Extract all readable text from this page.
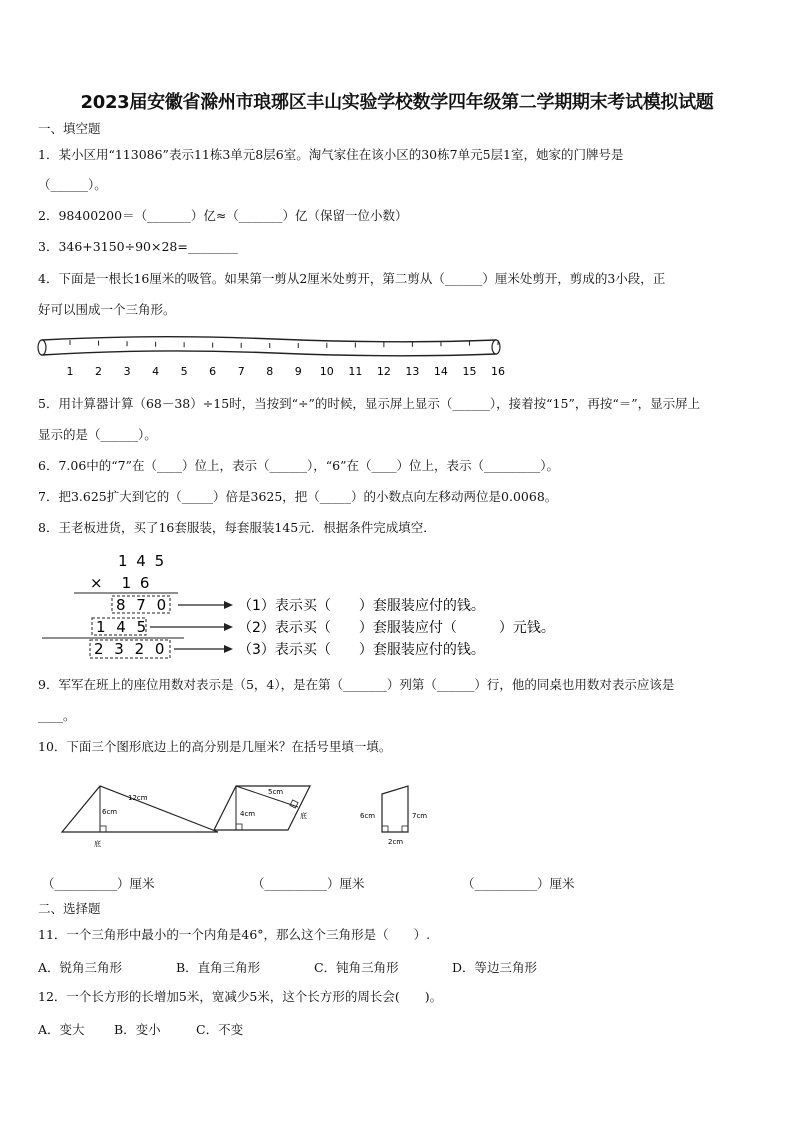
2023届安徽省滁州市琅琊区丰山实验学校数学四年级第二学期期末考试模拟试题
一、填空题
1．某小区用“113086”表示11栋3单元8层6室。淘气家住在该小区的30栋7单元5层1室，她家的门牌号是
（______）。
2．98400200＝（_______）亿≈（_______）亿（保留一位小数）
3．346+3150÷90×28=________
4．下面是一根长16厘米的吸管。如果第一剪从2厘米处剪开，第二剪从（______）厘米处剪开，剪成的3小段，正
好可以围成一个三角形。
1 2 3 4 5 6 7 8 9 10 11 12 13 14 15 16
5．用计算器计算（68－38）÷15时，当按到“÷”的时候，显示屏上显示（______），接着按“15”，再按“＝”，显示屏上
显示的是（______）。
6．7.06中的“7”在（____）位上，表示（______），“6”在（____）位上，表示（_________）。
7．把3.625扩大到它的（_____）倍是3625，把（_____）的小数点向左移动两位是0.0068。
8．王老板进货，买了16套服装，每套服装145元．根据条件完成填空．
1 4 5
×　1 6
8 7 0
1 4 5
2 3 2 0
（1）表示买（　　）套服装应付的钱。
（2）表示买（　　）套服装应付（　　　）元钱。
（3）表示买（　　）套服装应付的钱。
9．军军在班上的座位用数对表示是（5，4），是在第（_______）列第（______）行，他的同桌也用数对表示应该是
____。
10．下面三个图形底边上的高分别是几厘米？在括号里填一填。
12cm
6cm
底
5cm
4cm	底	6cm	7cm
2cm
（__________）厘米	（__________）厘米	（__________）厘米
二、选择题
11．一个三角形中最小的一个内角是46°，那么这个三角形是（　　）.
A．锐角三角形	B．直角三角形	C．钝角三角形	D．等边三角形
12．一个长方形的长增加5米，宽减少5米，这个长方形的周长会(　　)。
A．变大 B．变小	C．不变
